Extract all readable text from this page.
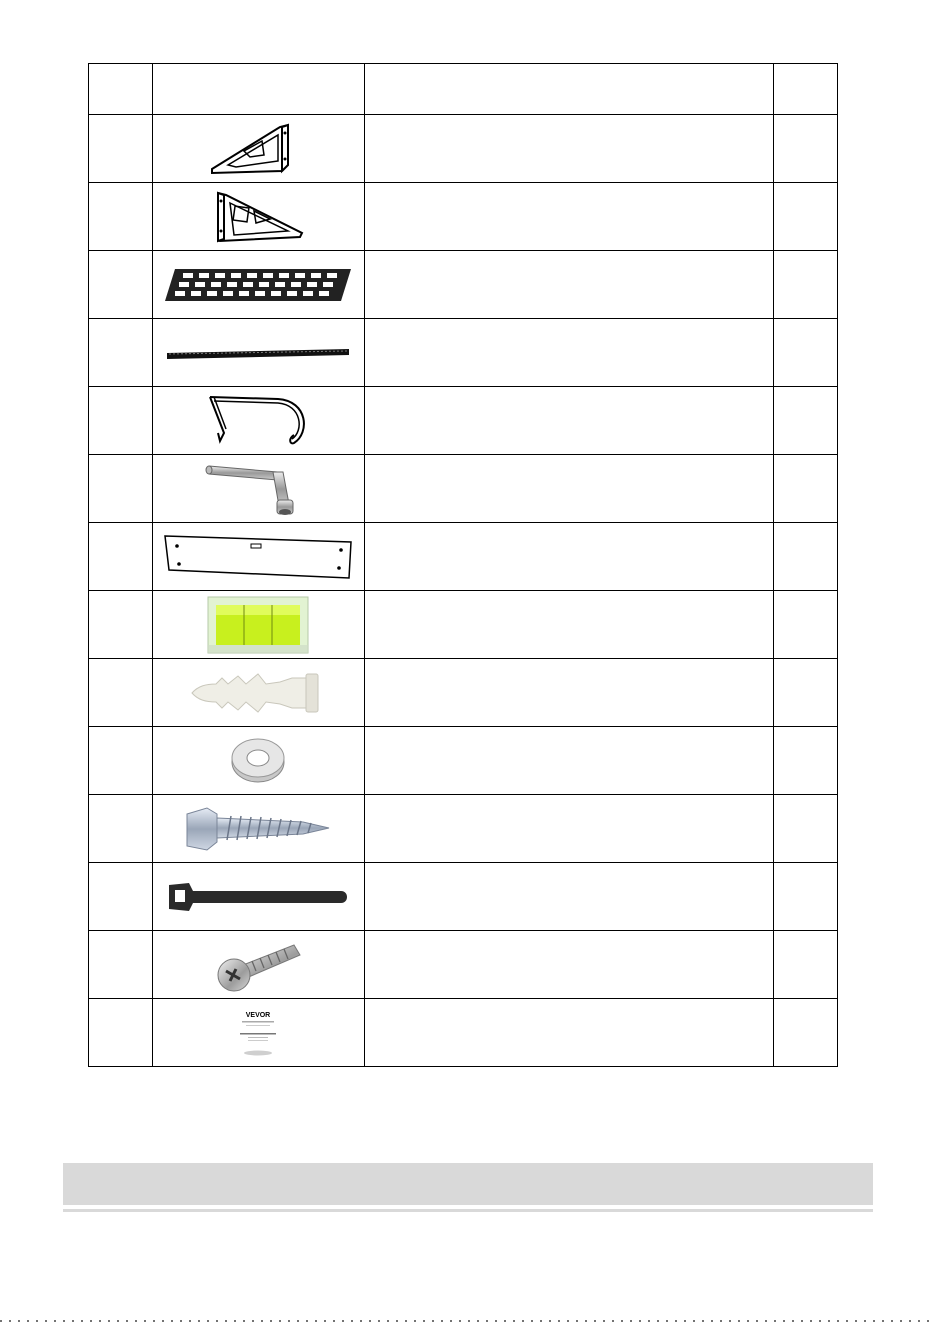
VEVOR		
